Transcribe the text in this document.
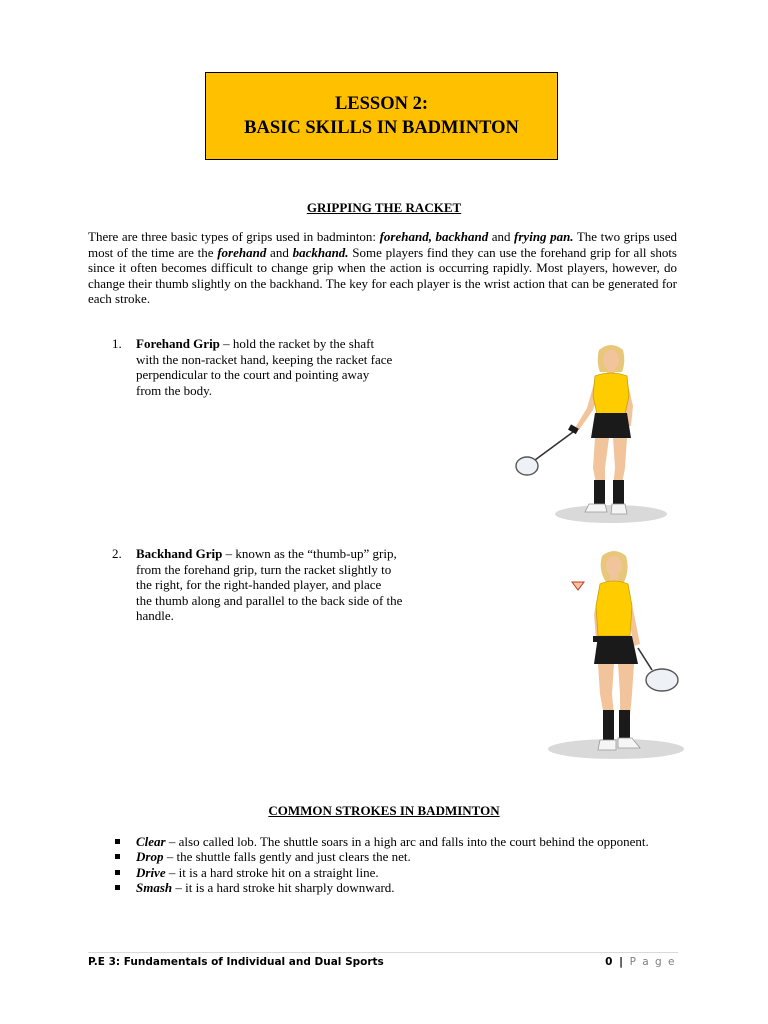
LESSON 2:
BASIC SKILLS IN BADMINTON
GRIPPING THE RACKET

There are three basic types of grips used in badminton: forehand, backhand and frying pan. The two grips used most of the time are the forehand and backhand. Some players find they can use the forehand grip for all shots since it often becomes difficult to change grip when the action is occurring rapidly. Most players, however, do change their thumb slightly on the backhand. The key for each player is the wrist action that can be generated for each stroke.

1. Forehand Grip – hold the racket by the shaft
with the non-racket hand, keeping the racket face
perpendicular to the court and pointing away
from the body.
2. Backhand Grip – known as the “thumb-up” grip,
from the forehand grip, turn the racket slightly to
the right, for the right-handed player, and place
the thumb along and parallel to the back side of the
handle.
COMMON STROKES IN BADMINTON
Clear – also called lob. The shuttle soars in a high arc and falls into the court behind the opponent.
Drop – the shuttle falls gently and just clears the net.
Drive – it is a hard stroke hit on a straight line.
Smash – it is a hard stroke hit sharply downward.
P.E 3: Fundamentals of Individual and Dual Sports	0 | P a g e
